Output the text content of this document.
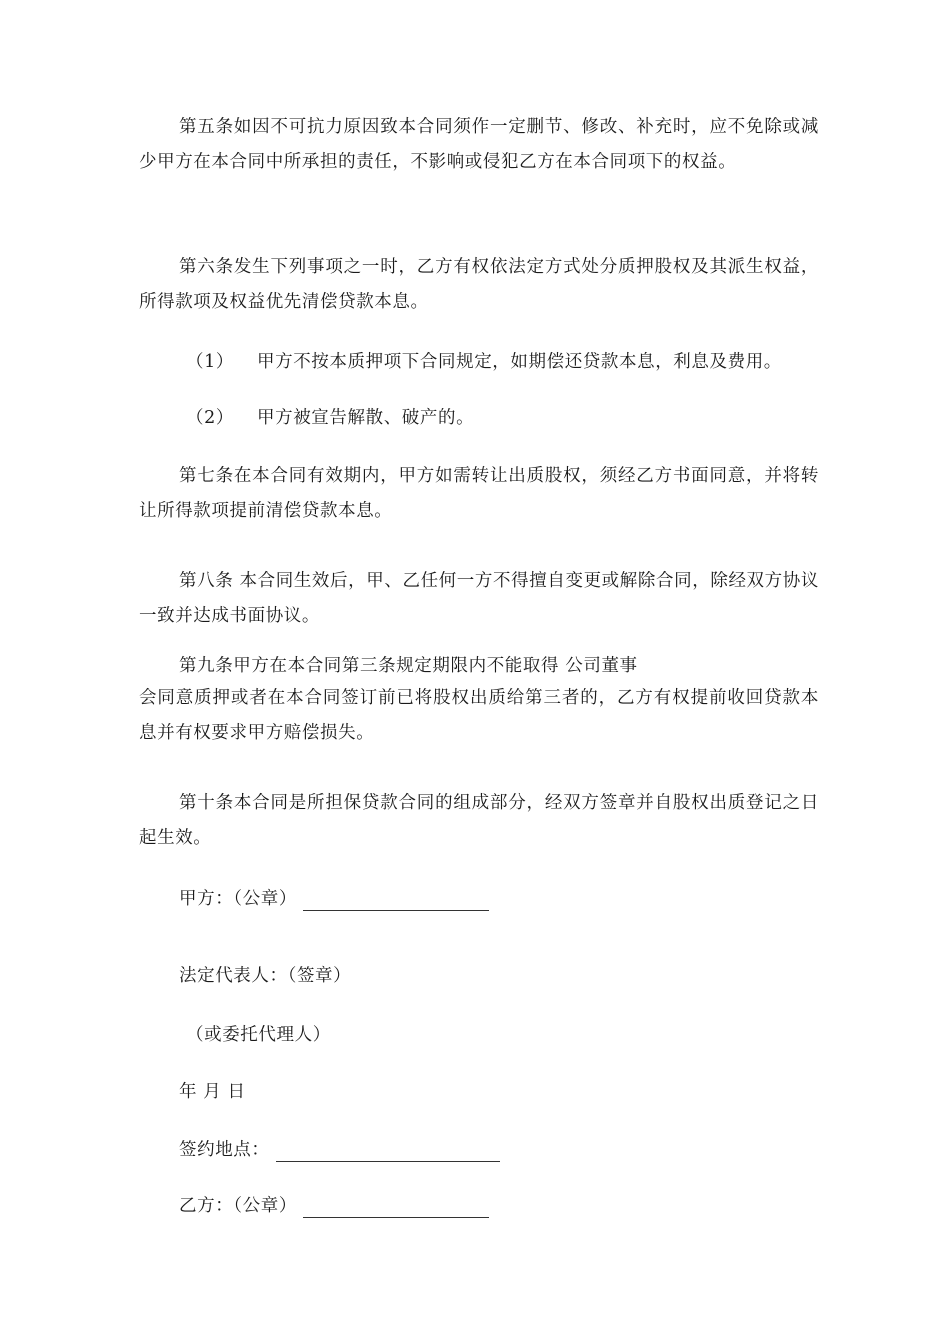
第五条如因不可抗力原因致本合同须作一定删节、修改、补充时，应不免除或减少甲方在本合同中所承担的责任，不影响或侵犯乙方在本合同项下的权益。
第六条发生下列事项之一时，乙方有权依法定方式处分质押股权及其派生权益，所得款项及权益优先清偿贷款本息。
（1） 甲方不按本质押项下合同规定，如期偿还贷款本息，利息及费用。
（2） 甲方被宣告解散、破产的。
第七条在本合同有效期内，甲方如需转让出质股权，须经乙方书面同意，并将转让所得款项提前清偿贷款本息。
第八条 本合同生效后，甲、乙任何一方不得擅自变更或解除合同，除经双方协议一致并达成书面协议。
第九条甲方在本合同第三条规定期限内不能取得 公司董事
会同意质押或者在本合同签订前已将股权出质给第三者的，乙方有权提前收回贷款本息并有权要求甲方赔偿损失。
第十条本合同是所担保贷款合同的组成部分，经双方签章并自股权出质登记之日起生效。
甲方：（公章）
法定代表人：（签章）
（或委托代理人）
年 月 日
签约地点：
乙方：（公章）
